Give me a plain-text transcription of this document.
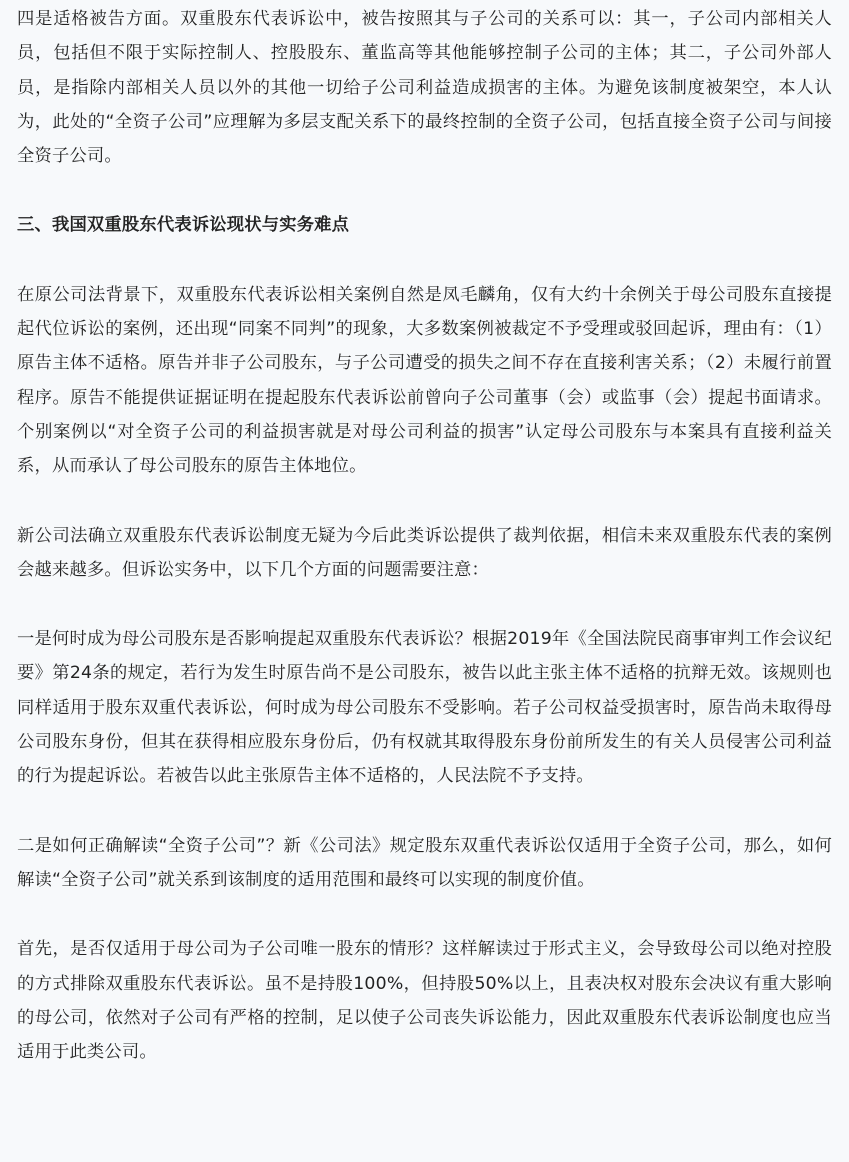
四是适格被告方面。双重股东代表诉讼中，被告按照其与子公司的关系可以：其一，子公司内部相关人员，包括但不限于实际控制人、控股股东、董监高等其他能够控制子公司的主体；其二，子公司外部人员，是指除内部相关人员以外的其他一切给子公司利益造成损害的主体。为避免该制度被架空，本人认为，此处的“全资子公司”应理解为多层支配关系下的最终控制的全资子公司，包括直接全资子公司与间接全资子公司。

三、我国双重股东代表诉讼现状与实务难点

在原公司法背景下，双重股东代表诉讼相关案例自然是凤毛麟角，仅有大约十余例关于母公司股东直接提起代位诉讼的案例，还出现“同案不同判”的现象，大多数案例被裁定不予受理或驳回起诉，理由有：（1）原告主体不适格。原告并非子公司股东，与子公司遭受的损失之间不存在直接利害关系；（2）未履行前置程序。原告不能提供证据证明在提起股东代表诉讼前曾向子公司董事（会）或监事（会）提起书面请求。个别案例以“对全资子公司的利益损害就是对母公司利益的损害”认定母公司股东与本案具有直接利益关系，从而承认了母公司股东的原告主体地位。

新公司法确立双重股东代表诉讼制度无疑为今后此类诉讼提供了裁判依据，相信未来双重股东代表的案例会越来越多。但诉讼实务中，以下几个方面的问题需要注意：

一是何时成为母公司股东是否影响提起双重股东代表诉讼？根据2019年《全国法院民商事审判工作会议纪要》第24条的规定，若行为发生时原告尚不是公司股东，被告以此主张主体不适格的抗辩无效。该规则也同样适用于股东双重代表诉讼，何时成为母公司股东不受影响。若子公司权益受损害时，原告尚未取得母公司股东身份，但其在获得相应股东身份后，仍有权就其取得股东身份前所发生的有关人员侵害公司利益的行为提起诉讼。若被告以此主张原告主体不适格的，人民法院不予支持。

二是如何正确解读“全资子公司”？新《公司法》规定股东双重代表诉讼仅适用于全资子公司，那么，如何解读“全资子公司”就关系到该制度的适用范围和最终可以实现的制度价值。

首先，是否仅适用于母公司为子公司唯一股东的情形？这样解读过于形式主义，会导致母公司以绝对控股的方式排除双重股东代表诉讼。虽不是持股100%，但持股50%以上，且表决权对股东会决议有重大影响的母公司，依然对子公司有严格的控制，足以使子公司丧失诉讼能力，因此双重股东代表诉讼制度也应当适用于此类公司。
